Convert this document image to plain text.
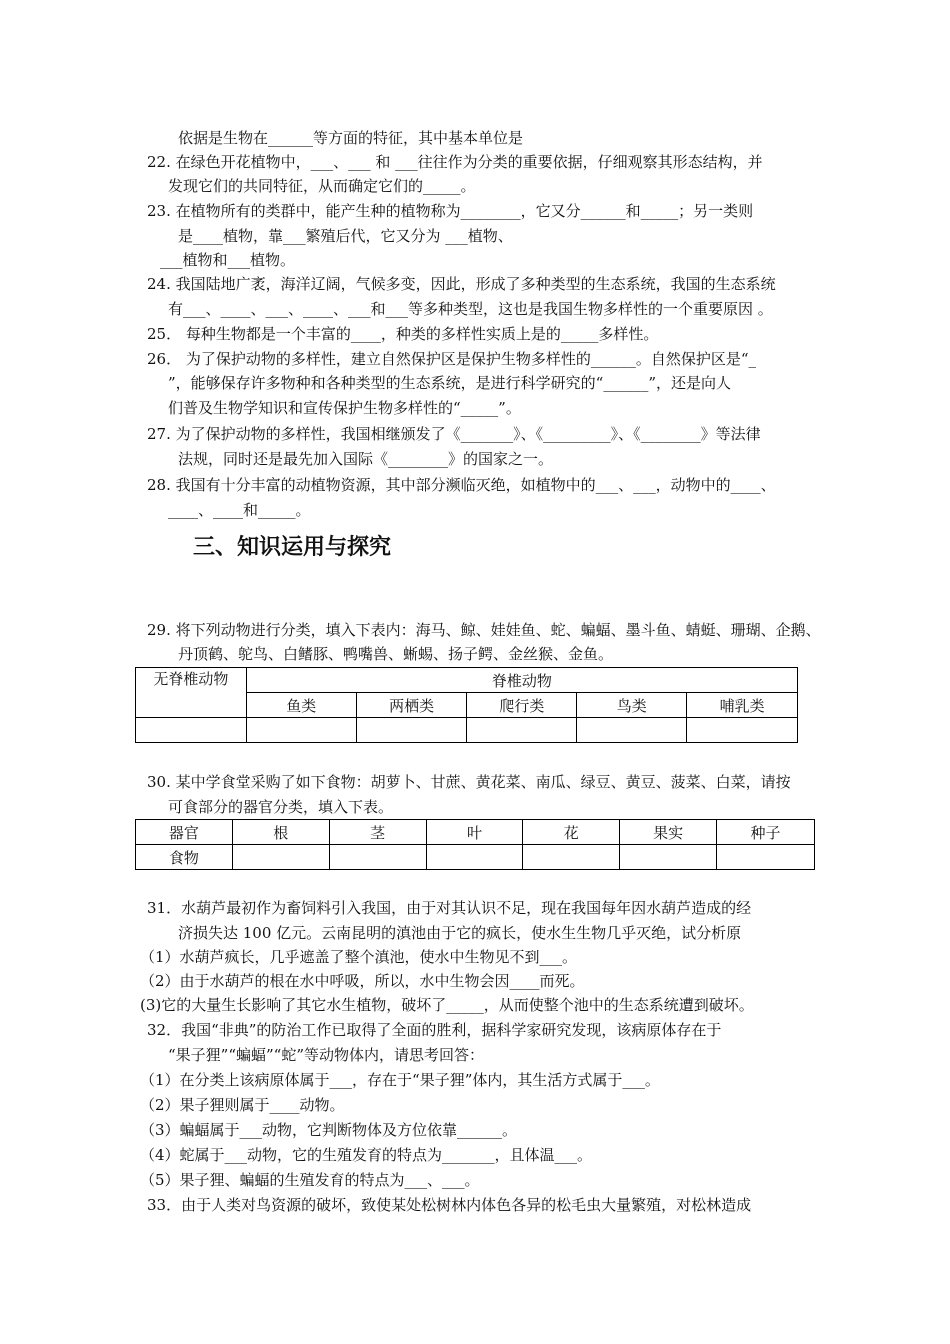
依据是生物在______等方面的特征，其中基本单位是
22. 在绿色开花植物中，___、___ 和 ___往往作为分类的重要依据，仔细观察其形态结构，并
发现它们的共同特征，从而确定它们的_____。
23. 在植物所有的类群中，能产生种的植物称为________，它又分______和_____；另一类则
是____植物，靠___繁殖后代，它又分为 ___植物、
___植物和___植物。
24. 我国陆地广袤，海洋辽阔，气候多变，因此，形成了多种类型的生态系统，我国的生态系统
有___、____、___、____、___和___等多种类型，这也是我国生物多样性的一个重要原因 。
25． 每种生物都是一个丰富的____，种类的多样性实质上是的_____多样性。
26． 为了保护动物的多样性，建立自然保护区是保护生物多样性的______。自然保护区是“_
”，能够保存许多物种和各种类型的生态系统，是进行科学研究的“______”，还是向人
们普及生物学知识和宣传保护生物多样性的“_____”。
27. 为了保护动物的多样性，我国相继颁发了《_______》、《_________》、《________》等法律
法规，同时还是最先加入国际《________》的国家之一。
28. 我国有十分丰富的动植物资源，其中部分濒临灭绝，如植物中的___、___，动物中的____、
____、____和_____。
三、知识运用与探究
29. 将下列动物进行分类，填入下表内：海马、鲸、娃娃鱼、蛇、蝙蝠、墨斗鱼、蜻蜓、珊瑚、企鹅、
丹顶鹤、鸵鸟、白鳍豚、鸭嘴兽、蜥蜴、扬子鳄、金丝猴、金鱼。
无脊椎动物	脊椎动物				
	鱼类	两栖类	爬行类	鸟类	哺乳类

30. 某中学食堂采购了如下食物：胡萝卜、甘蔗、黄花菜、南瓜、绿豆、黄豆、菠菜、白菜，请按
可食部分的器官分类，填入下表。
器官	根	茎	叶	花	果实	种子
食物						
31．水葫芦最初作为畜饲料引入我国，由于对其认识不足，现在我国每年因水葫芦造成的经
济损失达 100 亿元。云南昆明的滇池由于它的疯长，使水生生物几乎灭绝，试分析原
（1）水葫芦疯长，几乎遮盖了整个滇池，使水中生物见不到___。
（2）由于水葫芦的根在水中呼吸，所以，水中生物会因____而死。
(3)它的大量生长影响了其它水生植物，破坏了_____，从而使整个池中的生态系统遭到破坏。
32．我国“非典”的防治工作已取得了全面的胜利，据科学家研究发现，该病原体存在于
“果子狸”“蝙蝠”“蛇”等动物体内，请思考回答：
（1）在分类上该病原体属于___，存在于“果子狸”体内，其生活方式属于___。
（2）果子狸则属于____动物。
（3）蝙蝠属于___动物，它判断物体及方位依靠______。
（4）蛇属于___动物，它的生殖发育的特点为_______，且体温___。
（5）果子狸、蝙蝠的生殖发育的特点为___、___。
33．由于人类对鸟资源的破坏，致使某处松树林内体色各异的松毛虫大量繁殖，对松林造成
